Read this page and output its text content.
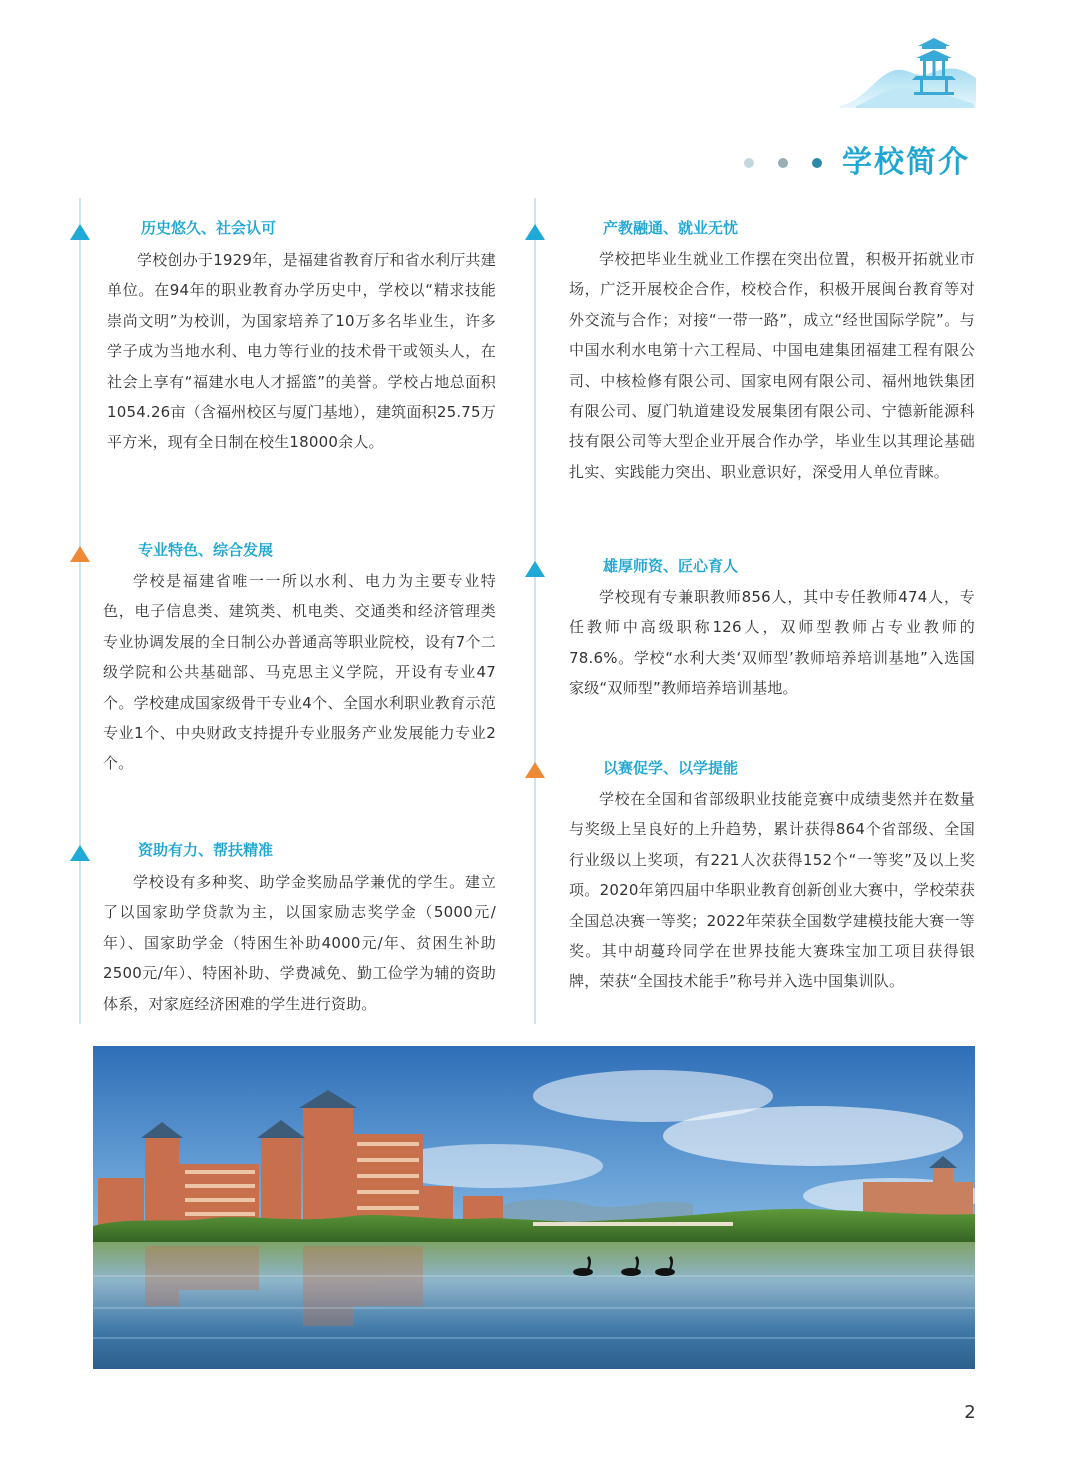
学校简介
历史悠久、社会认可
学校创办于1929年，是福建省教育厅和省水利厅共建单位。在94年的职业教育办学历史中，学校以“精求技能 崇尚文明”为校训，为国家培养了10万多名毕业生，许多学子成为当地水利、电力等行业的技术骨干或领头人，在社会上享有“福建水电人才摇篮”的美誉。学校占地总面积1054.26亩（含福州校区与厦门基地），建筑面积25.75万平方米，现有全日制在校生18000余人。
专业特色、综合发展
学校是福建省唯一一所以水利、电力为主要专业特色，电子信息类、建筑类、机电类、交通类和经济管理类专业协调发展的全日制公办普通高等职业院校，设有7个二级学院和公共基础部、马克思主义学院，开设有专业47个。学校建成国家级骨干专业4个、全国水利职业教育示范专业1个、中央财政支持提升专业服务产业发展能力专业2个。
资助有力、帮扶精准
学校设有多种奖、助学金奖励品学兼优的学生。建立了以国家助学贷款为主，以国家励志奖学金（5000元/年）、国家助学金（特困生补助4000元/年、贫困生补助2500元/年）、特困补助、学费减免、勤工俭学为辅的资助体系，对家庭经济困难的学生进行资助。
产教融通、就业无忧
学校把毕业生就业工作摆在突出位置，积极开拓就业市场，广泛开展校企合作，校校合作，积极开展闽台教育等对外交流与合作；对接“一带一路”，成立“经世国际学院”。与中国水利水电第十六工程局、中国电建集团福建工程有限公司、中核检修有限公司、国家电网有限公司、福州地铁集团有限公司、厦门轨道建设发展集团有限公司、宁德新能源科技有限公司等大型企业开展合作办学，毕业生以其理论基础扎实、实践能力突出、职业意识好，深受用人单位青睐。
雄厚师资、匠心育人
学校现有专兼职教师856人，其中专任教师474人，专任教师中高级职称126人，双师型教师占专业教师的78.6%。学校“水利大类‘双师型’教师培养培训基地”入选国家级“双师型”教师培养培训基地。
以赛促学、以学提能
学校在全国和省部级职业技能竞赛中成绩斐然并在数量与奖级上呈良好的上升趋势，累计获得864个省部级、全国行业级以上奖项，有221人次获得152个“一等奖”及以上奖项。2020年第四届中华职业教育创新创业大赛中，学校荣获全国总决赛一等奖；2022年荣获全国数学建模技能大赛一等奖。其中胡蔓玲同学在世界技能大赛珠宝加工项目获得银牌，荣获“全国技术能手”称号并入选中国集训队。
2
